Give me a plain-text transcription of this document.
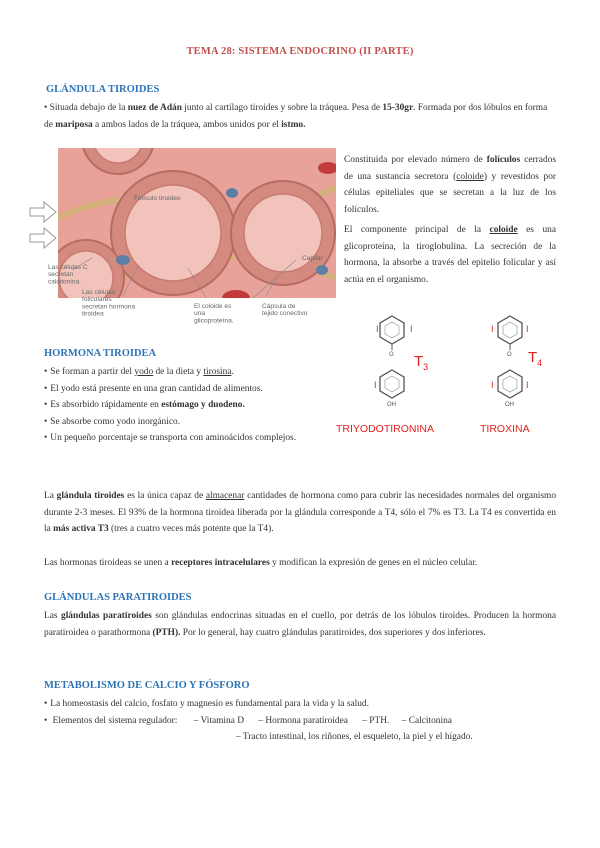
TEMA 28: SISTEMA ENDOCRINO (II PARTE)
GLÁNDULA TIROIDES

• Situada debajo de la nuez de Adán junto al cartílago tiroides y sobre la tráquea. Pesa de 15-30gr. Formada por dos lóbulos en forma de mariposa a ambos lados de la tráquea, ambos unidos por el istmo.

Folículo tiroideo
Capilar
Las células C secretan calcitonina.
Las células foliculares secretan hormona tiroidea
El coloide es una glicoproteína.
Cápsula de tejido conectivo

Constituida por elevado número de folículos cerrados de una sustancia secretora (coloide) y revestidos por células epiteliales que se secretan a la luz de los folículos.

El componente principal de la coloide es una glicoproteína, la tiroglobulina. La secreción de la hormona, la absorbe a través del epitelio folicular y así actúa en el organismo.

I	I
O
I
OH
$T_3$
TRIYODOTIRONINA
I	I
O
I	I
OH
$T_4$
TIROXINA
HORMONA TIROIDEA
• Se forman a partir del yodo de la dieta y tirosina.
• El yodo está presente en una gran cantidad de alimentos.
• Es absorbido rápidamente en estómago y duodeno.
• Se absorbe como yodo inorgánico.
• Un pequeño porcentaje se transporta con aminoácidos complejos.

La glándula tiroides es la única capaz de almacenar cantidades de hormona como para cubrir las necesidades normales del organismo durante 2-3 meses. El 93% de la hormona tiroidea liberada por la glándula corresponde a T4, sólo el 7% es T3. La T4 es convertida en la más activa T3 (tres a cuatro veces más potente que la T4).

Las hormonas tiroideas se unen a receptores intracelulares y modifican la expresión de genes en el núcleo celular.

GLÁNDULAS PARATIROIDES

Las glándulas paratiroides son glándulas endocrinas situadas en el cuello, por detrás de los lóbulos tiroides. Producen la hormona paratiroidea o parathormona (PTH). Por lo general, hay cuatro glándulas paratiroides, dos superiores y dos inferiores.

METABOLISMO DE CALCIO Y FÓSFORO
• La homeostasis del calcio, fosfato y magnesio es fundamental para la vida y la salud.
• Elementos del sistema regulador: – Vitamina D – Hormona paratiroidea – PTH. – Calcitonina
– Tracto intestinal, los riñones, el esqueleto, la piel y el hígado.
